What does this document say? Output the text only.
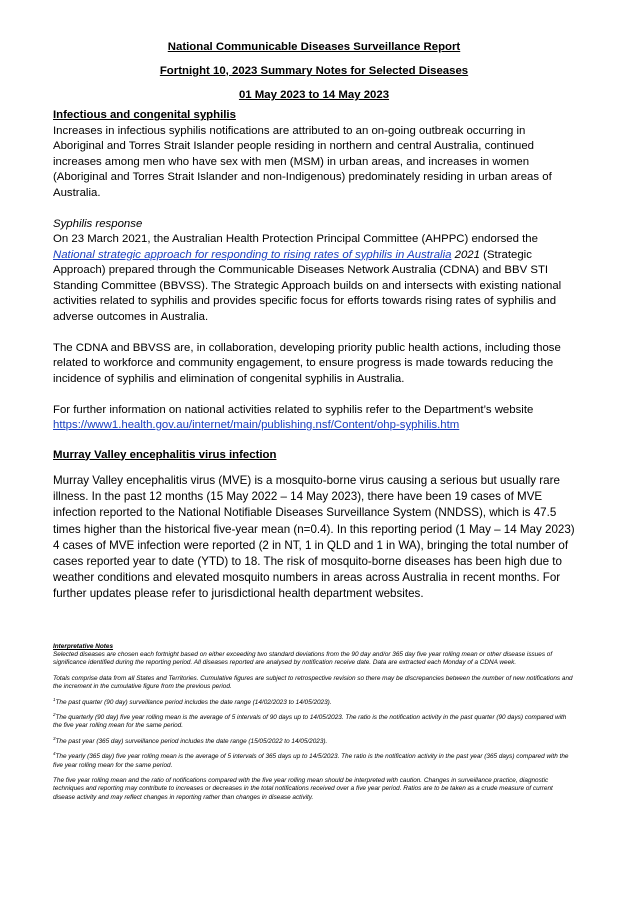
National Communicable Diseases Surveillance Report
Fortnight 10, 2023 Summary Notes for Selected Diseases
01 May 2023 to 14 May 2023
Infectious and congenital syphilis

Increases in infectious syphilis notifications are attributed to an on-going outbreak occurring in Aboriginal and Torres Strait Islander people residing in northern and central Australia, continued increases among men who have sex with men (MSM) in urban areas, and increases in women (Aboriginal and Torres Strait Islander and non-Indigenous) predominately residing in urban areas of Australia.

Syphilis response

On 23 March 2021, the Australian Health Protection Principal Committee (AHPPC) endorsed the National strategic approach for responding to rising rates of syphilis in Australia 2021 (Strategic Approach) prepared through the Communicable Diseases Network Australia (CDNA) and BBV STI Standing Committee (BBVSS). The Strategic Approach builds on and intersects with existing national activities related to syphilis and provides specific focus for efforts towards rising rates of syphilis and adverse outcomes in Australia.

The CDNA and BBVSS are, in collaboration, developing priority public health actions, including those related to workforce and community engagement, to ensure progress is made towards reducing the incidence of syphilis and elimination of congenital syphilis in Australia.

For further information on national activities related to syphilis refer to the Department’s website

https://www1.health.gov.au/internet/main/publishing.nsf/Content/ohp-syphilis.htm

Murray Valley encephalitis virus infection

Murray Valley encephalitis virus (MVE) is a mosquito-borne virus causing a serious but usually rare illness. In the past 12 months (15 May 2022 – 14 May 2023), there have been 19 cases of MVE infection reported to the National Notifiable Diseases Surveillance System (NNDSS), which is 47.5 times higher than the historical five-year mean (n=0.4). In this reporting period (1 May – 14 May 2023) 4 cases of MVE infection were reported (2 in NT, 1 in QLD and 1 in WA), bringing the total number of cases reported year to date (YTD) to 18. The risk of mosquito-borne diseases has been high due to weather conditions and elevated mosquito numbers in areas across Australia in recent months. For further updates please refer to jurisdictional health department websites.

Interpretative Notes

Selected diseases are chosen each fortnight based on either exceeding two standard deviations from the 90 day and/or 365 day five year rolling mean or other disease issues of significance identified during the reporting period. All diseases reported are analysed by notification receive date. Data are extracted each Monday of a CDNA week.

Totals comprise data from all States and Territories. Cumulative figures are subject to retrospective revision so there may be discrepancies between the number of new notifications and the increment in the cumulative figure from the previous period.

$^1$The past quarter (90 day) surveillance period includes the date range (14/02/2023 to 14/05/2023).

$^2$The quarterly (90 day) five year rolling mean is the average of 5 intervals of 90 days up to 14/05/2023. The ratio is the notification activity in the past quarter (90 days) compared with the five year rolling mean for the same period.

$^3$The past year (365 day) surveillance period includes the date range (15/05/2022 to 14/05/2023).

$^4$The yearly (365 day) five year rolling mean is the average of 5 intervals of 365 days up to 14/5/2023. The ratio is the notification activity in the past year (365 days) compared with the five year rolling mean for the same period.

The five year rolling mean and the ratio of notifications compared with the five year rolling mean should be interpreted with caution. Changes in surveillance practice, diagnostic techniques and reporting may contribute to increases or decreases in the total notifications received over a five year period. Ratios are to be taken as a crude measure of current disease activity and may reflect changes in reporting rather than changes in disease activity.
